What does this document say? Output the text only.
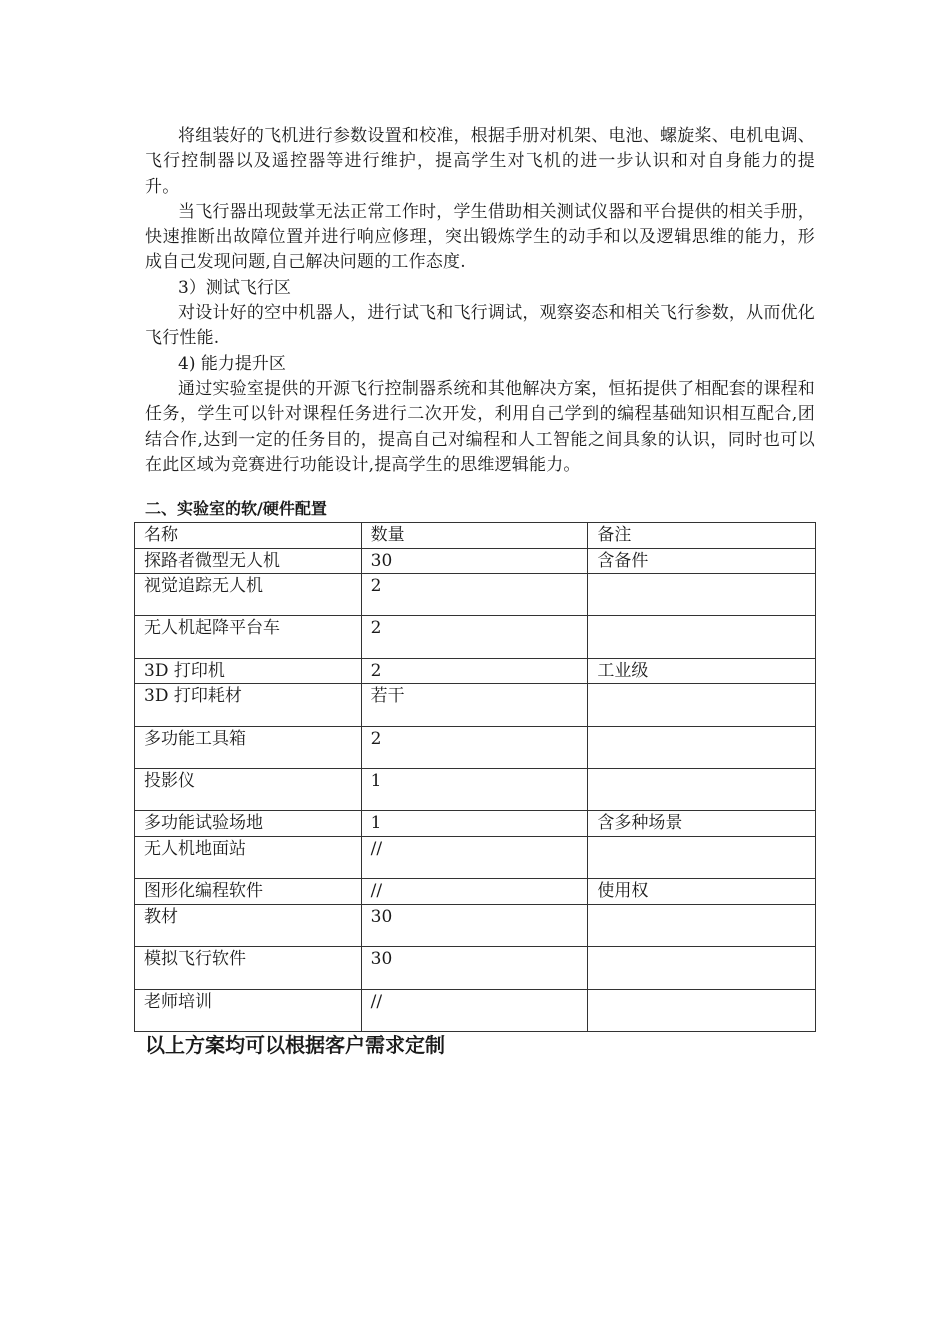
将组装好的飞机进行参数设置和校准，根据手册对机架、电池、螺旋桨、电机电调、飞行控制器以及遥控器等进行维护，提高学生对飞机的进一步认识和对自身能力的提升。

当飞行器出现鼓掌无法正常工作时，学生借助相关测试仪器和平台提供的相关手册，快速推断出故障位置并进行响应修理，突出锻炼学生的动手和以及逻辑思维的能力，形成自己发现问题,自己解决问题的工作态度.

3）测试飞行区

对设计好的空中机器人，进行试飞和飞行调试，观察姿态和相关飞行参数，从而优化飞行性能.

4) 能力提升区

通过实验室提供的开源飞行控制器系统和其他解决方案，恒拓提供了相配套的课程和任务，学生可以针对课程任务进行二次开发，利用自己学到的编程基础知识相互配合,团结合作,达到一定的任务目的，提高自己对编程和人工智能之间具象的认识，同时也可以在此区域为竞赛进行功能设计,提高学生的思维逻辑能力。

二、实验室的软/硬件配置

名称	数量	备注
探路者微型无人机	30	含备件
视觉追踪无人机	2	
无人机起降平台车	2	
3D 打印机	2	工业级
3D 打印耗材	若干	
多功能工具箱	2	
投影仪	1	
多功能试验场地	1	含多种场景
无人机地面站	//	
图形化编程软件	//	使用权
教材	30	
模拟飞行软件	30	
老师培训	//	

以上方案均可以根据客户需求定制
